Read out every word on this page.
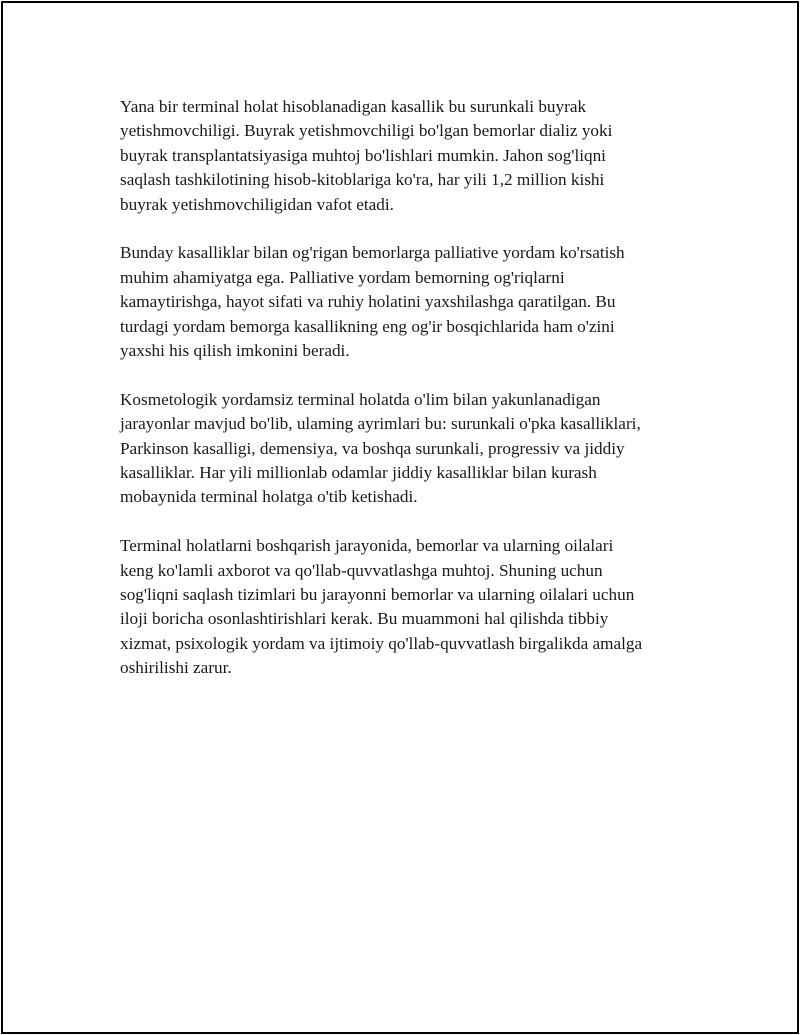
Yana bir terminal holat hisoblanadigan kasallik bu surunkali buyrak
yetishmovchiligi. Buyrak yetishmovchiligi bo'lgan bemorlar dializ yoki
buyrak transplantatsiyasiga muhtoj bo'lishlari mumkin. Jahon sog'liqni
saqlash tashkilotining hisob-kitoblariga ko'ra, har yili 1,2 million kishi
buyrak yetishmovchiligidan vafot etadi.

Bunday kasalliklar bilan og'rigan bemorlarga palliative yordam ko'rsatish
muhim ahamiyatga ega. Palliative yordam bemorning og'riqlarni
kamaytirishga, hayot sifati va ruhiy holatini yaxshilashga qaratilgan. Bu
turdagi yordam bemorga kasallikning eng og'ir bosqichlarida ham o'zini
yaxshi his qilish imkonini beradi.

Kosmetologik yordamsiz terminal holatda o'lim bilan yakunlanadigan
jarayonlar mavjud bo'lib, ulaming ayrimlari bu: surunkali o'pka kasalliklari,
Parkinson kasalligi, demensiya, va boshqa surunkali, progressiv va jiddiy
kasalliklar. Har yili millionlab odamlar jiddiy kasalliklar bilan kurash
mobaynida terminal holatga o'tib ketishadi.

Terminal holatlarni boshqarish jarayonida, bemorlar va ularning oilalari
keng ko'lamli axborot va qo'llab-quvvatlashga muhtoj. Shuning uchun
sog'liqni saqlash tizimlari bu jarayonni bemorlar va ularning oilalari uchun
iloji boricha osonlashtirishlari kerak. Bu muammoni hal qilishda tibbiy
xizmat, psixologik yordam va ijtimoiy qo'llab-quvvatlash birgalikda amalga
oshirilishi zarur.
